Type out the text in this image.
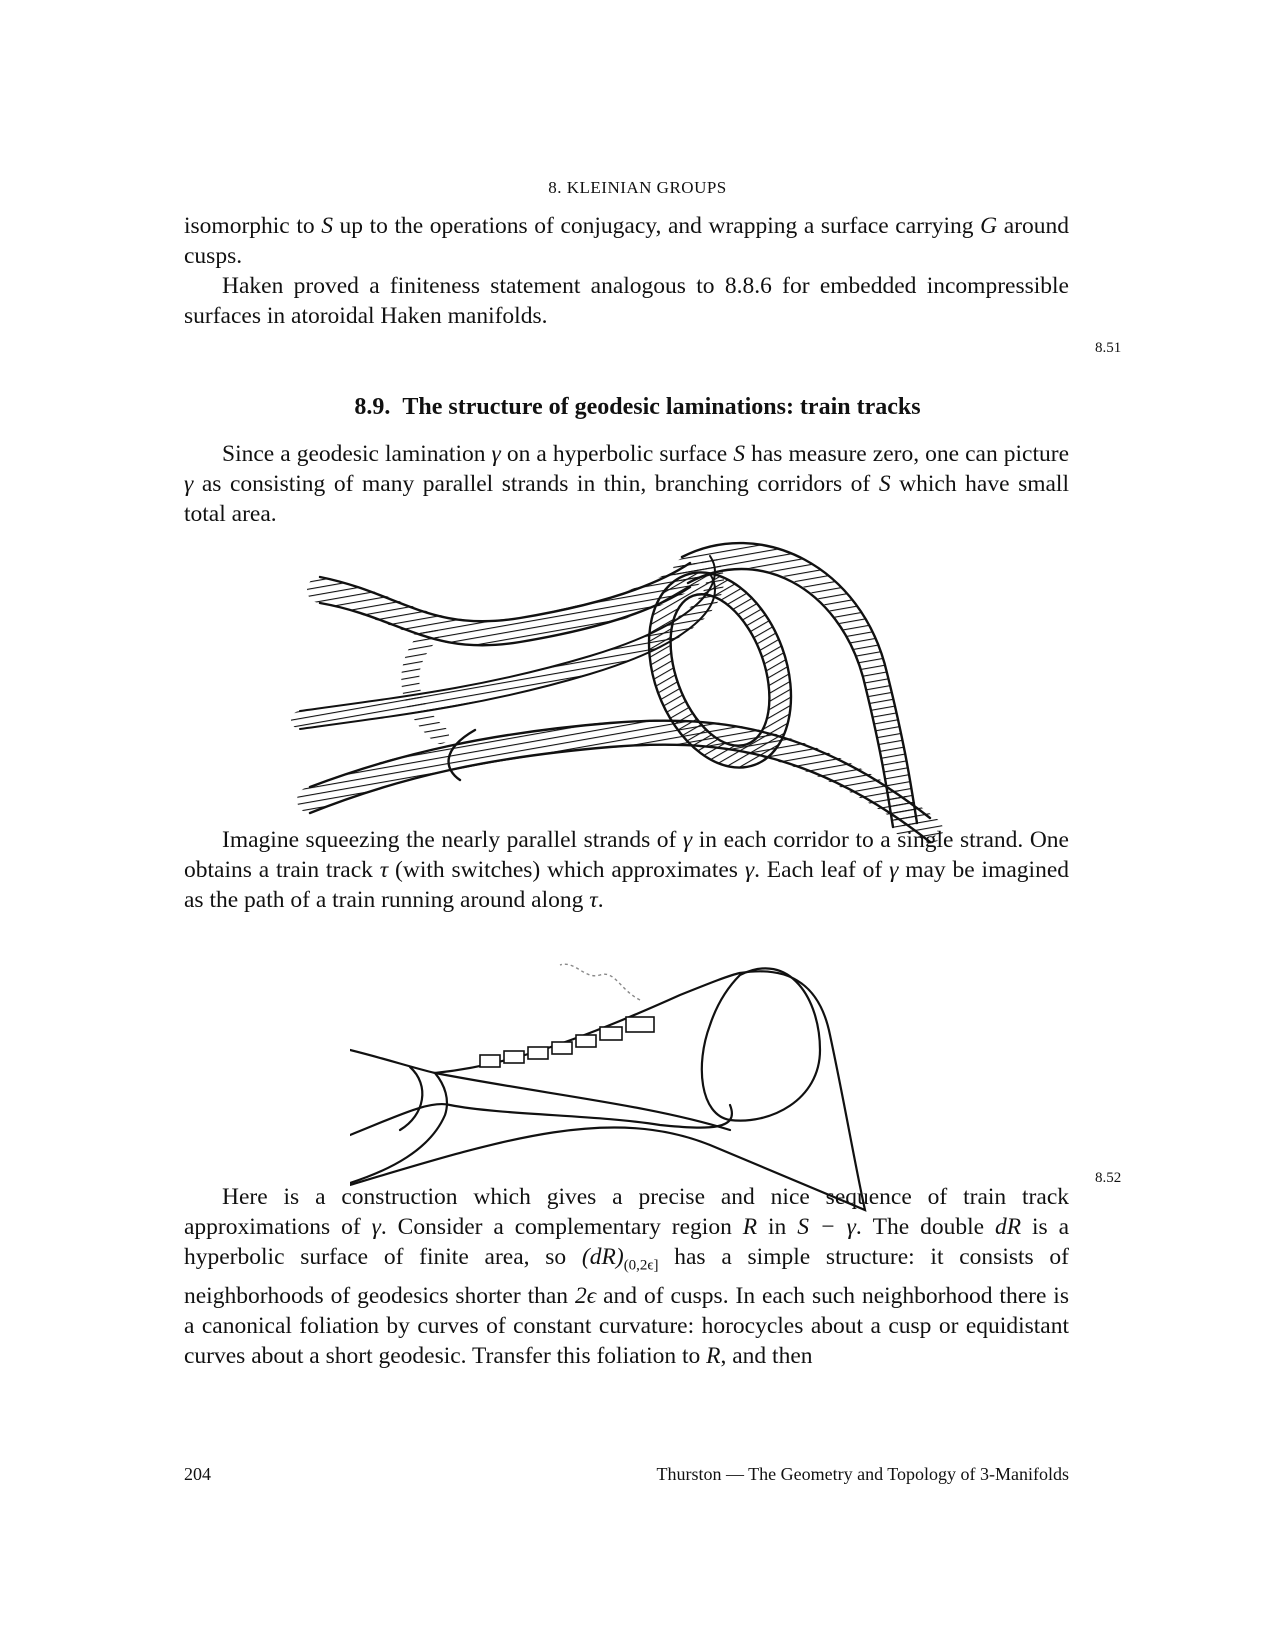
8. KLEINIAN GROUPS

isomorphic to S up to the operations of conjugacy, and wrapping a surface carrying G around cusps.

Haken proved a finiteness statement analogous to 8.8.6 for embedded incompressible surfaces in atoroidal Haken manifolds.

8.51
8.9. The structure of geodesic laminations: train tracks

Since a geodesic lamination γ on a hyperbolic surface S has measure zero, one can picture γ as consisting of many parallel strands in thin, branching corridors of S which have small total area.

Imagine squeezing the nearly parallel strands of γ in each corridor to a single strand. One obtains a train track τ (with switches) which approximates γ. Each leaf of γ may be imagined as the path of a train running around along τ.

8.52

Here is a construction which gives a precise and nice sequence of train track approximations of γ. Consider a complementary region R in S − γ. The double dR is a hyperbolic surface of finite area, so $(dR)_{(0,2\epsilon]}$ has a simple structure: it consists of neighborhoods of geodesics shorter than 2ϵ and of cusps. In each such neighborhood there is a canonical foliation by curves of constant curvature: horocycles about a cusp or equidistant curves about a short geodesic. Transfer this foliation to R, and then

204	Thurston — The Geometry and Topology of 3-Manifolds
